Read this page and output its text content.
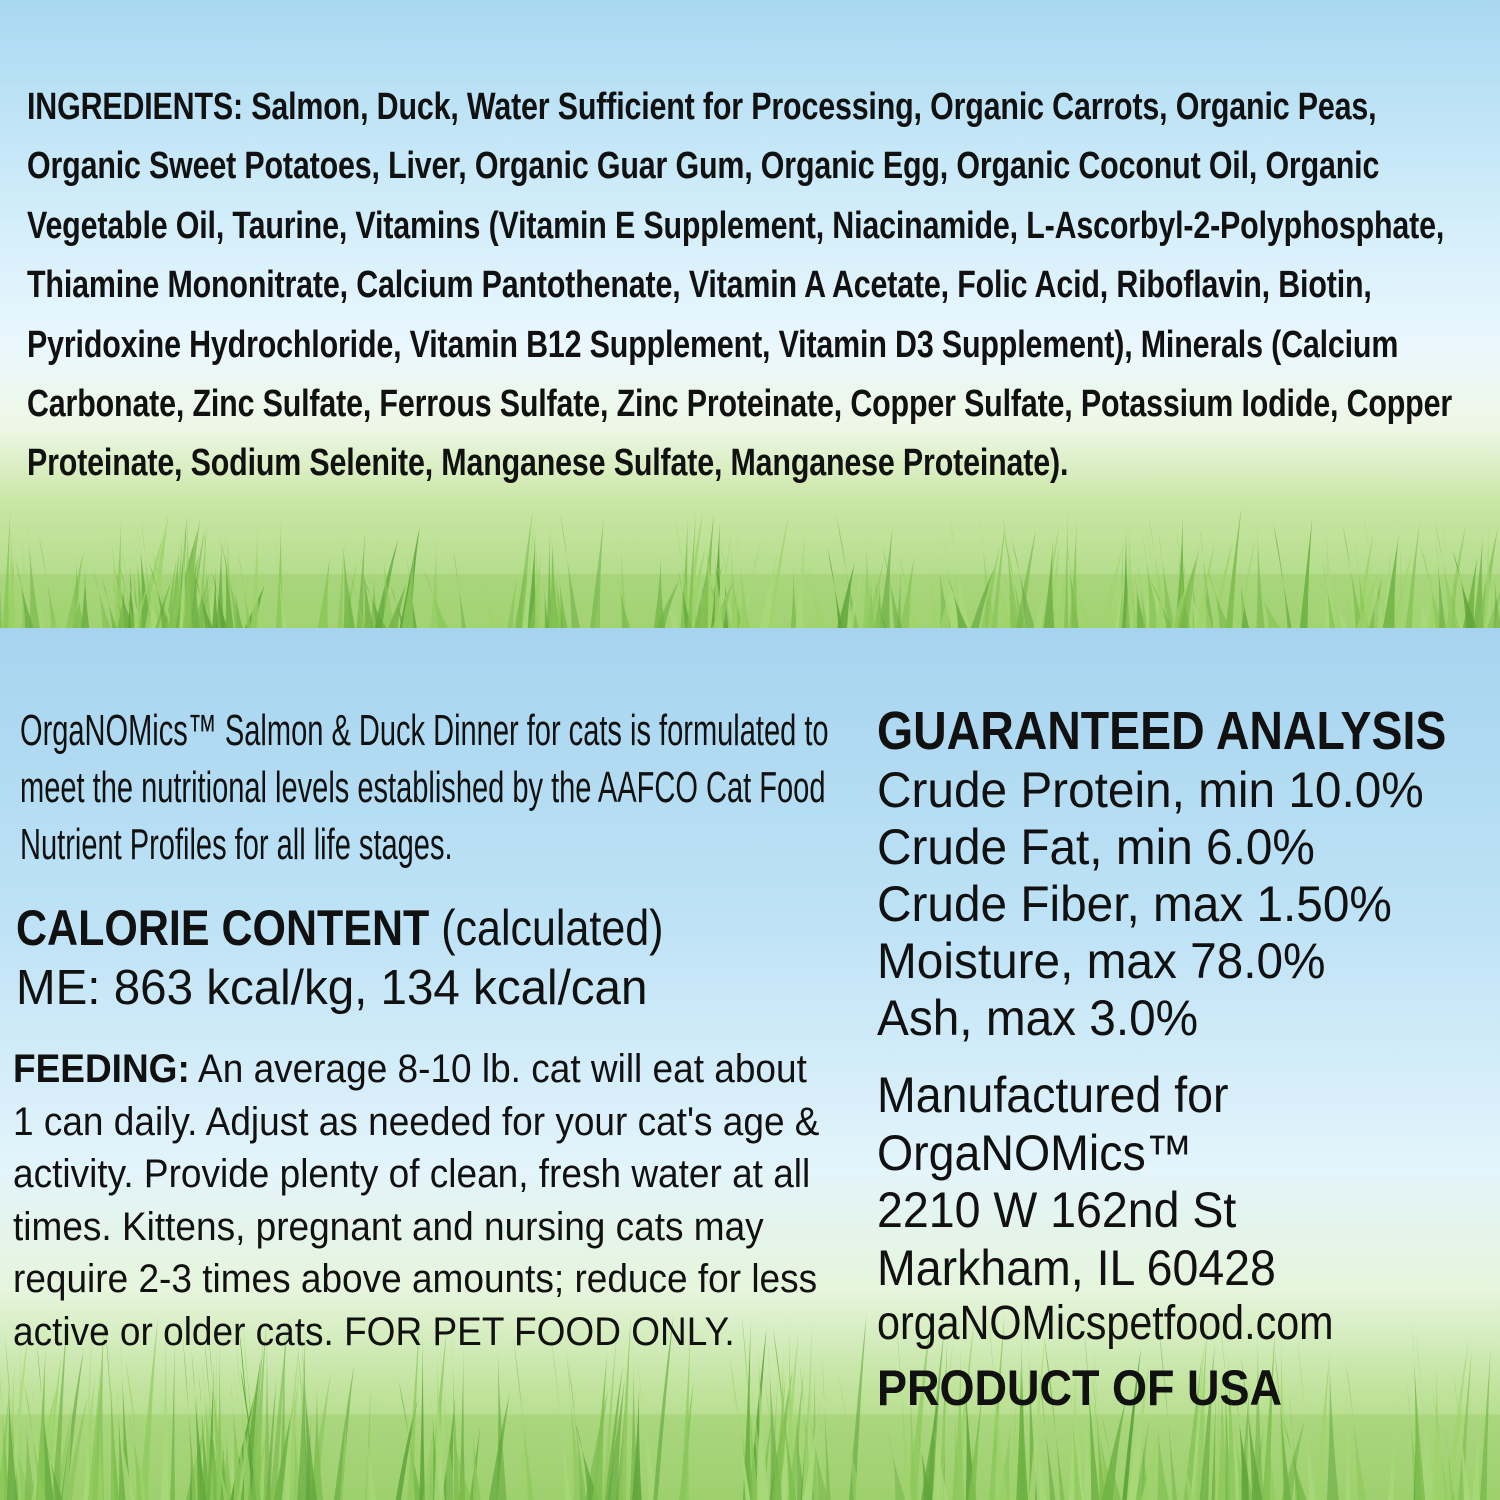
INGREDIENTS: Salmon, Duck, Water Sufficient for Processing, Organic Carrots, Organic Peas, Organic Sweet Potatoes, Liver, Organic Guar Gum, Organic Egg, Organic Coconut Oil, Organic Vegetable Oil, Taurine, Vitamins (Vitamin E Supplement, Niacinamide, L-Ascorbyl-2-Polyphosphate, Thiamine Mononitrate, Calcium Pantothenate, Vitamin A Acetate, Folic Acid, Riboflavin, Biotin, Pyridoxine Hydrochloride, Vitamin B12 Supplement, Vitamin D3 Supplement), Minerals (Calcium Carbonate, Zinc Sulfate, Ferrous Sulfate, Zinc Proteinate, Copper Sulfate, Potassium Iodide, Copper Proteinate, Sodium Selenite, Manganese Sulfate, Manganese Proteinate).
OrgaNOMics™ Salmon & Duck Dinner for cats is formulated to meet the nutritional levels established by the AAFCO Cat Food Nutrient Profiles for all life stages.
CALORIE CONTENT (calculated)
ME: 863 kcal/kg, 134 kcal/can
FEEDING: An average 8-10 lb. cat will eat about 1 can daily. Adjust as needed for your cat's age & activity. Provide plenty of clean, fresh water at all times. Kittens, pregnant and nursing cats may require 2-3 times above amounts; reduce for less active or older cats. FOR PET FOOD ONLY.
GUARANTEED ANALYSIS
Crude Protein, min 10.0%
Crude Fat, min 6.0%
Crude Fiber, max 1.50%
Moisture, max 78.0%
Ash, max 3.0%
Manufactured for
OrgaNOMics™
2210 W 162nd St
Markham, IL 60428
orgaNOMicspetfood.com
PRODUCT OF USA
